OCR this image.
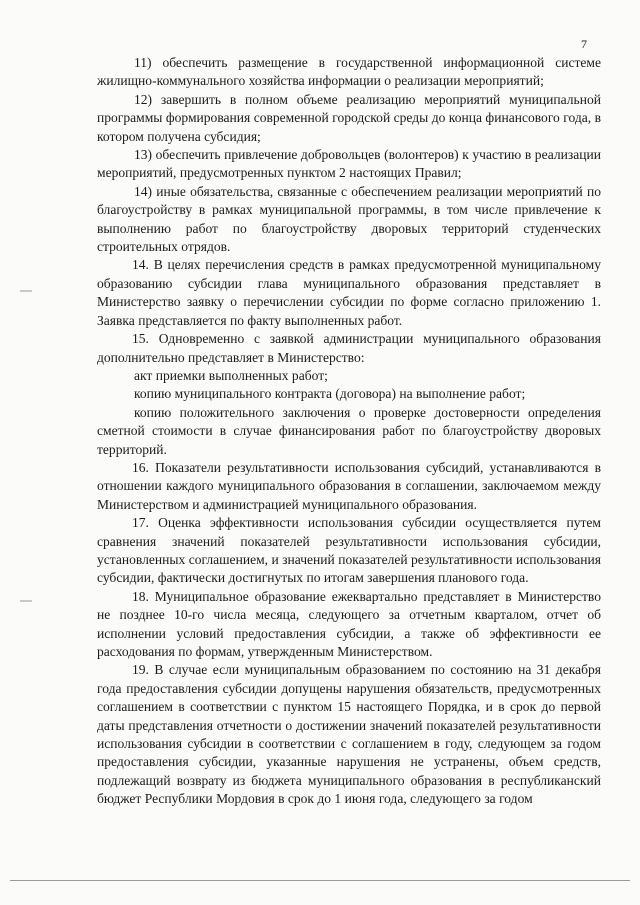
7

11) обеспечить размещение в государственной информационной системе жилищно-коммунального хозяйства информации о реализации мероприятий;

12) завершить в полном объеме реализацию мероприятий муниципальной программы формирования современной городской среды до конца финансового года, в котором получена субсидия;

13) обеспечить привлечение добровольцев (волонтеров) к участию в реализации мероприятий, предусмотренных пунктом 2 настоящих Правил;

14) иные обязательства, связанные с обеспечением реализации мероприятий по благоустройству в рамках муниципальной программы, в том числе привлечение к выполнению работ по благоустройству дворовых территорий студенческих строительных отрядов.

14. В целях перечисления средств в рамках предусмотренной муниципальному образованию субсидии глава муниципального образования представляет в Министерство заявку о перечислении субсидии по форме согласно приложению 1. Заявка представляется по факту выполненных работ.

15. Одновременно с заявкой администрации муниципального образования дополнительно представляет в Министерство:

акт приемки выполненных работ;

копию муниципального контракта (договора) на выполнение работ;

копию положительного заключения о проверке достоверности определения сметной стоимости в случае финансирования работ по благоустройству дворовых территорий.

16. Показатели результативности использования субсидий, устанавливаются в отношении каждого муниципального образования в соглашении, заключаемом между Министерством и администрацией муниципального образования.

17. Оценка эффективности использования субсидии осуществляется путем сравнения значений показателей результативности использования субсидии, установленных соглашением, и значений показателей результативности использования субсидии, фактически достигнутых по итогам завершения планового года.

18. Муниципальное образование ежеквартально представляет в Министерство не позднее 10-го числа месяца, следующего за отчетным кварталом, отчет об исполнении условий предоставления субсидии, а также об эффективности ее расходования по формам, утвержденным Министерством.

19. В случае если муниципальным образованием по состоянию на 31 декабря года предоставления субсидии допущены нарушения обязательств, предусмотренных соглашением в соответствии с пунктом 15 настоящего Порядка, и в срок до первой даты представления отчетности о достижении значений показателей результативности использования субсидии в соответствии с соглашением в году, следующем за годом предоставления субсидии, указанные нарушения не устранены, объем средств, подлежащий возврату из бюджета муниципального образования в республиканский бюджет Республики Мордовия в срок до 1 июня года, следующего за годом
